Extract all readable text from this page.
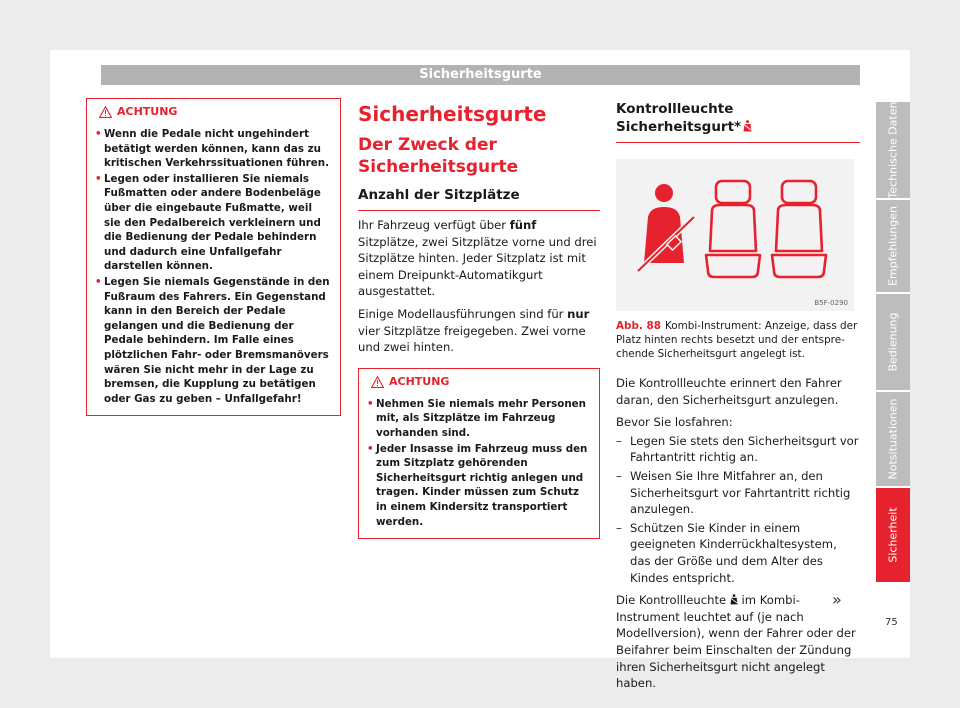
Sicherheitsgurte
ACHTUNG
• Wenn die Pedale nicht ungehindert betätigt werden können, kann das zu kritischen Verkehrssituationen führen.
• Legen oder installieren Sie niemals Fußmatten oder andere Bodenbeläge über die eingebaute Fußmatte, weil sie den Pedalbereich verkleinern und die Bedienung der Pedale behindern und dadurch eine Unfallgefahr darstellen können.
• Legen Sie niemals Gegenstände in den Fußraum des Fahrers. Ein Gegenstand kann in den Bereich der Pedale gelangen und die Bedienung der Pedale behindern. Im Falle eines plötzlichen Fahr- oder Bremsmanövers wären Sie nicht mehr in der Lage zu bremsen, die Kupplung zu betätigen oder Gas zu geben – Unfallgefahr!
Sicherheitsgurte
Der Zweck der Sicherheitsgurte
Anzahl der Sitzplätze

Ihr Fahrzeug verfügt über fünf Sitzplätze, zwei Sitzplätze vorne und drei Sitzplätze hinten. Jeder Sitzplatz ist mit einem Dreipunkt-Automatikgurt ausgestattet.

Einige Modellausführungen sind für nur vier Sitzplätze freigegeben. Zwei vorne und zwei hinten.

ACHTUNG
• Nehmen Sie niemals mehr Personen mit, als Sitzplätze im Fahrzeug vorhanden sind.
• Jeder Insasse im Fahrzeug muss den zum Sitzplatz gehörenden Sicherheitsgurt richtig anlegen und tragen. Kinder müssen zum Schutz in einem Kindersitz transportiert werden.
Kontrollleuchte Sicherheitsgurt*
B5F-0290

Abb. 88 Kombi-Instrument: Anzeige, dass der Platz hinten rechts besetzt und der entsprechende Sicherheitsgurt angelegt ist.

Die Kontrollleuchte erinnert den Fahrer daran, den Sicherheitsgurt anzulegen.

Bevor Sie losfahren:

– Legen Sie stets den Sicherheitsgurt vor Fahrtantritt richtig an.
– Weisen Sie Ihre Mitfahrer an, den Sicherheitsgurt vor Fahrtantritt richtig anzulegen.
– Schützen Sie Kinder in einem geeigneten Kinderrückhaltesystem, das der Größe und dem Alter des Kindes entspricht.

Die Kontrollleuchte  im Kombi-Instrument leuchtet auf (je nach Modellversion), wenn der Fahrer oder der Beifahrer beim Einschalten der Zündung ihren Sicherheitsgurt nicht angelegt haben.

»
75
Technische Daten
Empfehlungen
Bedienung
Notsituationen
Sicherheit
